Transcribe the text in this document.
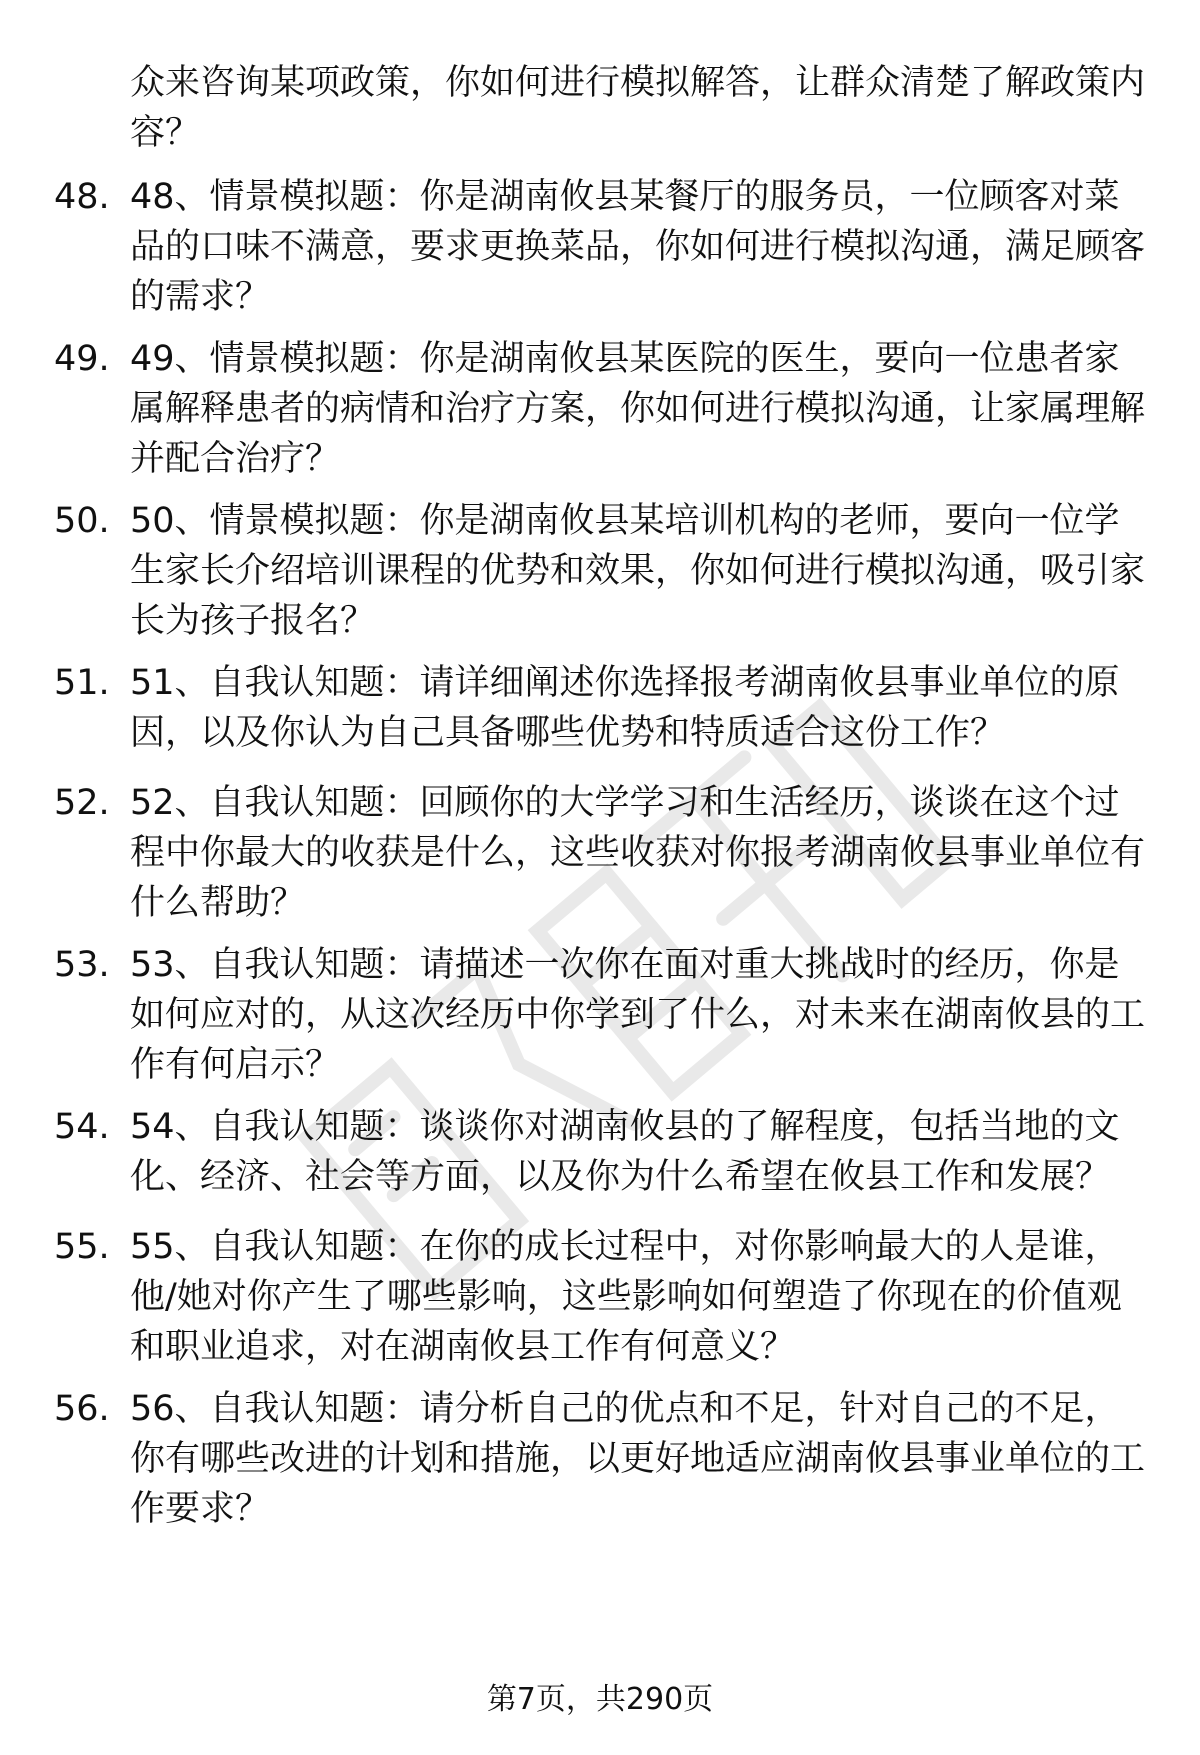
众来咨询某项政策，你如何进行模拟解答，让群众清楚了解政策内容？
48. 48、情景模拟题：你是湖南攸县某餐厅的服务员，一位顾客对菜品的口味不满意，要求更换菜品，你如何进行模拟沟通，满足顾客的需求？
49. 49、情景模拟题：你是湖南攸县某医院的医生，要向一位患者家属解释患者的病情和治疗方案，你如何进行模拟沟通，让家属理解并配合治疗？
50. 50、情景模拟题：你是湖南攸县某培训机构的老师，要向一位学生家长介绍培训课程的优势和效果，你如何进行模拟沟通，吸引家长为孩子报名？
51. 51、自我认知题：请详细阐述你选择报考湖南攸县事业单位的原因，以及你认为自己具备哪些优势和特质适合这份工作？
52. 52、自我认知题：回顾你的大学学习和生活经历，谈谈在这个过程中你最大的收获是什么，这些收获对你报考湖南攸县事业单位有什么帮助？
53. 53、自我认知题：请描述一次你在面对重大挑战时的经历，你是如何应对的，从这次经历中你学到了什么，对未来在湖南攸县的工作有何启示？
54. 54、自我认知题：谈谈你对湖南攸县的了解程度，包括当地的文化、经济、社会等方面，以及你为什么希望在攸县工作和发展？
55. 55、自我认知题：在你的成长过程中，对你影响最大的人是谁，他/她对你产生了哪些影响，这些影响如何塑造了你现在的价值观和职业追求，对在湖南攸县工作有何意义？
56. 56、自我认知题：请分析自己的优点和不足，针对自己的不足，你有哪些改进的计划和措施，以更好地适应湖南攸县事业单位的工作要求？
第7页，共290页
